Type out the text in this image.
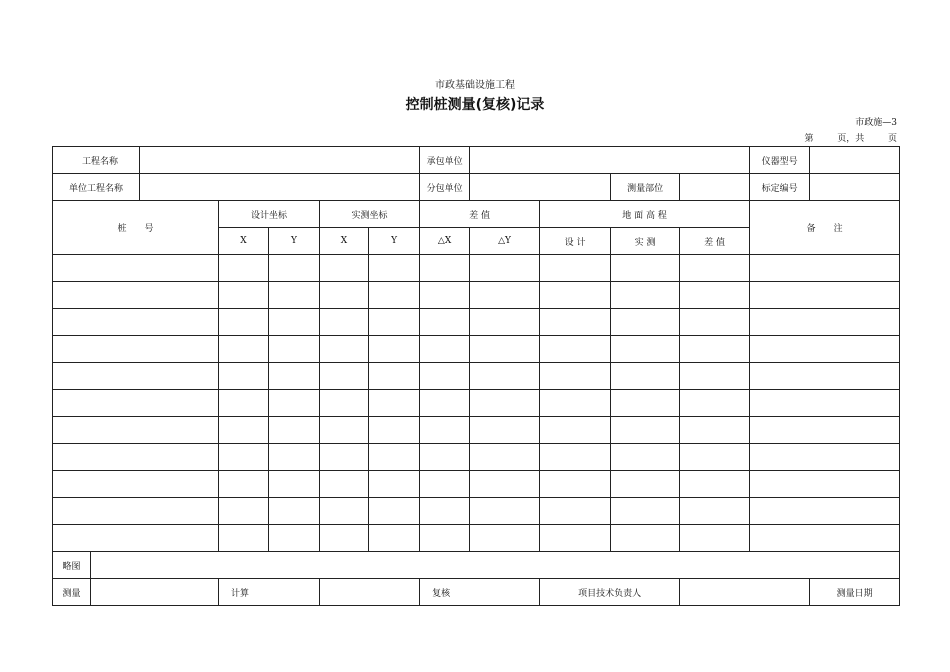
市政基础设施工程
控制桩测量(复核)记录
市政施—3
第	页，共	页
工程名称							承包单位					仪器型号		
单位工程名称							分包单位			测量部位		标定编号		
桩　　号			设计坐标		实测坐标		差 值		地 面 高 程			备　　注		
			X	Y	X	Y	△X	△Y	设 计	实 测	差 值			

略图														
测量			计算				复核		项目技术负责人				测量日期	
